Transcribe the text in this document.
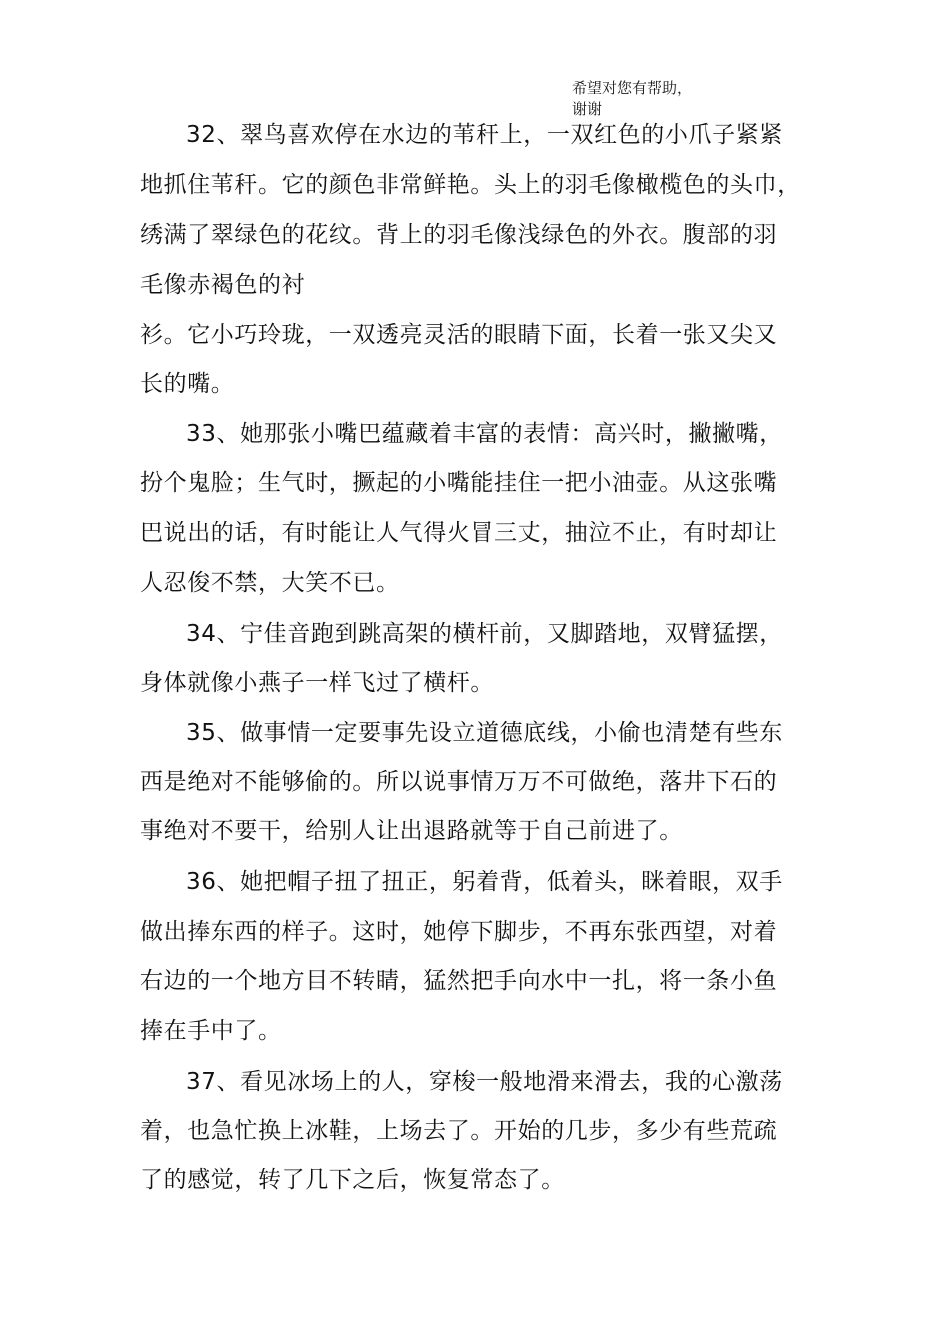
希望对您有帮助，
谢谢
32、翠鸟喜欢停在水边的苇秆上，一双红色的小爪子紧紧
地抓住苇秆。它的颜色非常鲜艳。头上的羽毛像橄榄色的头巾，
绣满了翠绿色的花纹。背上的羽毛像浅绿色的外衣。腹部的羽
毛像赤褐色的衬
衫。它小巧玲珑，一双透亮灵活的眼睛下面，长着一张又尖又
长的嘴。
33、她那张小嘴巴蕴藏着丰富的表情：高兴时，撇撇嘴，
扮个鬼脸；生气时，撅起的小嘴能挂住一把小油壶。从这张嘴
巴说出的话，有时能让人气得火冒三丈，抽泣不止，有时却让
人忍俊不禁，大笑不已。
34、宁佳音跑到跳高架的横杆前，又脚踏地，双臂猛摆，
身体就像小燕子一样飞过了横杆。
35、做事情一定要事先设立道德底线，小偷也清楚有些东
西是绝对不能够偷的。所以说事情万万不可做绝，落井下石的
事绝对不要干，给别人让出退路就等于自己前进了。
36、她把帽子扭了扭正，躬着背，低着头，眯着眼，双手
做出捧东西的样子。这时，她停下脚步，不再东张西望，对着
右边的一个地方目不转睛，猛然把手向水中一扎，将一条小鱼
捧在手中了。
37、看见冰场上的人，穿梭一般地滑来滑去，我的心激荡
着，也急忙换上冰鞋，上场去了。开始的几步，多少有些荒疏
了的感觉，转了几下之后，恢复常态了。
